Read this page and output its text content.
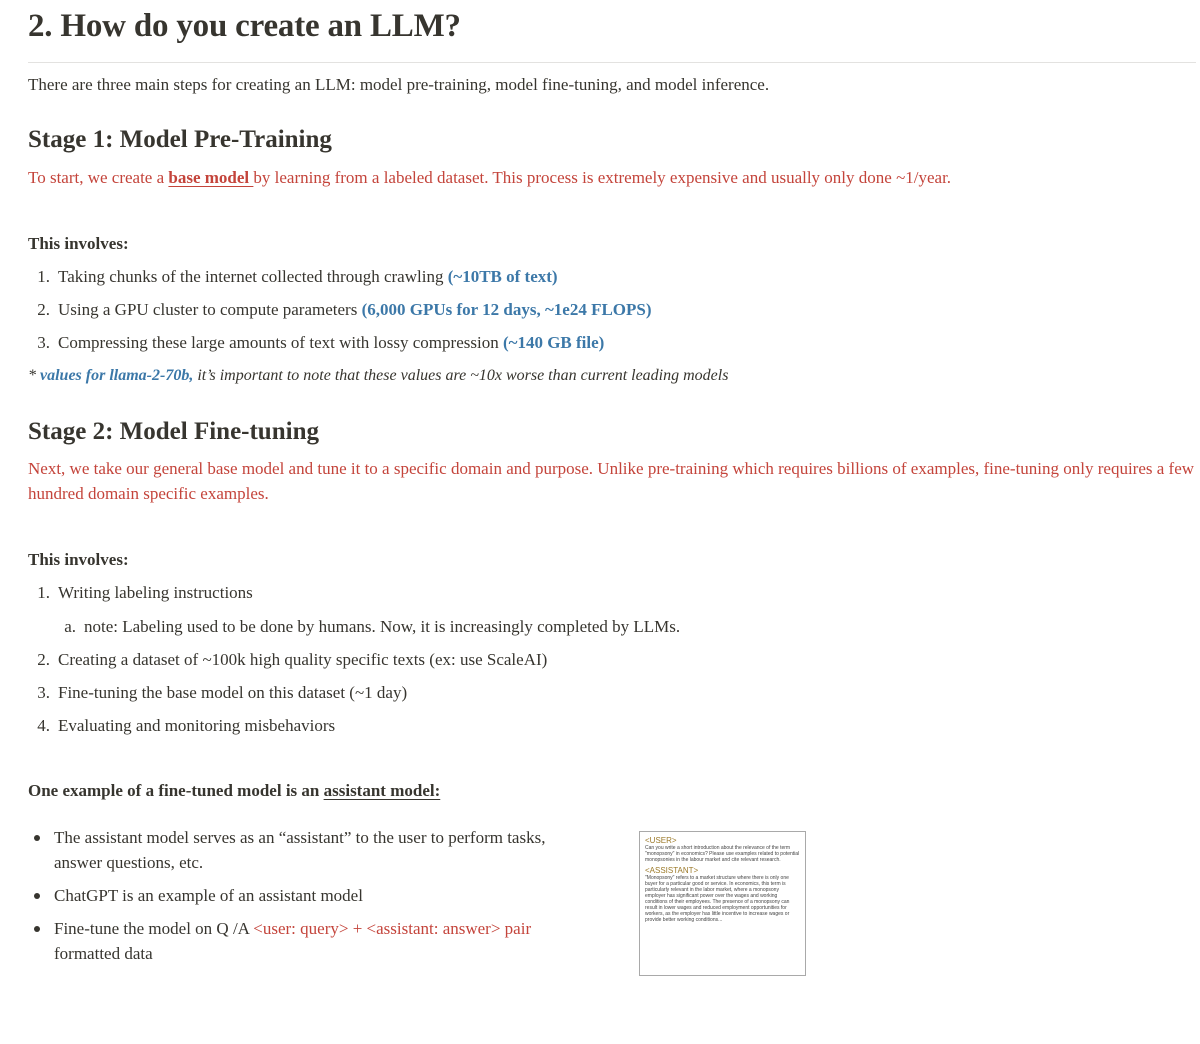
2. How do you create an LLM?
There are three main steps for creating an LLM: model pre-training, model fine-tuning, and model inference.
Stage 1: Model Pre-Training
To start, we create a base model by learning from a labeled dataset. This process is extremely expensive and usually only done ~1/year.
This involves:
1. Taking chunks of the internet collected through crawling (~10TB of text)
2. Using a GPU cluster to compute parameters (6,000 GPUs for 12 days, ~1e24 FLOPS)
3. Compressing these large amounts of text with lossy compression (~140 GB file)
* values for llama-2-70b, it’s important to note that these values are ~10x worse than current leading models
Stage 2: Model Fine-tuning
Next, we take our general base model and tune it to a specific domain and purpose. Unlike pre-training which requires billions of examples, fine-tuning only requires a few
hundred domain specific examples.
This involves:
1. Writing labeling instructions
a. note: Labeling used to be done by humans. Now, it is increasingly completed by LLMs.
2. Creating a dataset of ~100k high quality specific texts (ex: use ScaleAI)
3. Fine-tuning the base model on this dataset (~1 day)
4. Evaluating and monitoring misbehaviors
One example of a fine-tuned model is an assistant model:
The assistant model serves as an “assistant” to the user to perform tasks,
answer questions, etc.
ChatGPT is an example of an assistant model
Fine-tune the model on Q /A <user: query> + <assistant: answer> pair
formatted data
<USER>
Can you write a short introduction about the relevance of the term "monopsony" in economics? Please use examples related to potential monopsonies in the labour market and cite relevant research.
<ASSISTANT>
"Monopsony" refers to a market structure where there is only one buyer for a particular good or service. In economics, this term is particularly relevant in the labor market, where a monopsony employer has significant power over the wages and working conditions of their employees. The presence of a monopsony can result in lower wages and reduced employment opportunities for workers, as the employer has little incentive to increase wages or provide better working conditions...
